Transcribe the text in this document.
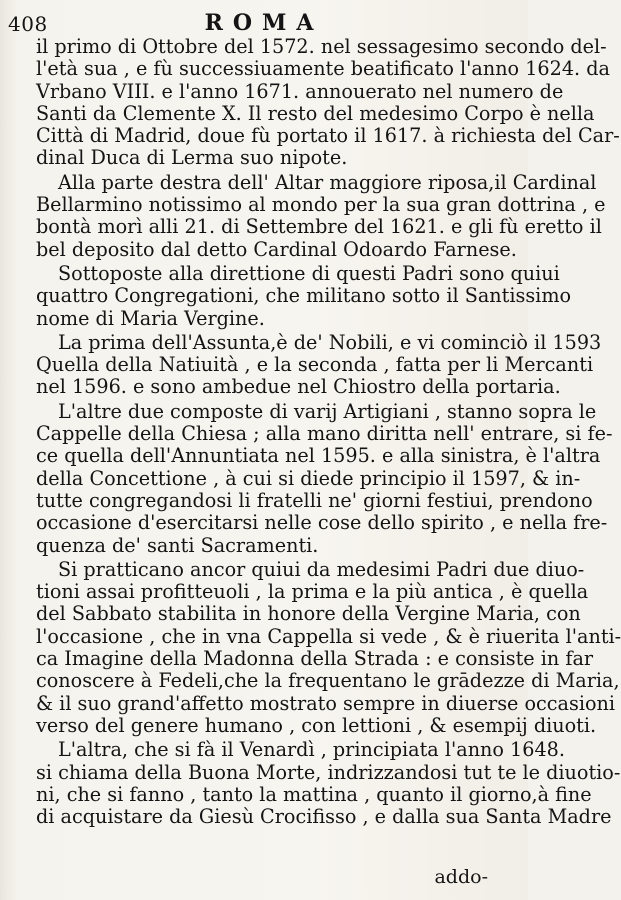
408	ROMA
il primo di Ottobre del 1572. nel sessagesimo secondo del-
l'età sua , e fù successiuamente beatificato l'anno 1624. da
Vrbano VIII. e l'anno 1671. annouerato nel numero de
Santi da Clemente X. Il resto del medesimo Corpo è nella
Città di Madrid, doue fù portato il 1617. à richiesta del Car-
dinal Duca di Lerma suo nipote.
Alla parte destra dell' Altar maggiore riposa,il Cardinal
Bellarmino notissimo al mondo per la sua gran dottrina , e
bontà morì alli 21. di Settembre del 1621. e gli fù eretto il
bel deposito dal detto Cardinal Odoardo Farnese.
Sottoposte alla direttione di questi Padri sono quiui
quattro Congregationi, che militano sotto il Santissimo
nome di Maria Vergine.
La prima dell'Assunta,è de' Nobili, e vi cominciò il 1593
Quella della Natiuità , e la seconda , fatta per li Mercanti
nel 1596. e sono ambedue nel Chiostro della portaria.
L'altre due composte di varij Artigiani , stanno sopra le
Cappelle della Chiesa ; alla mano diritta nell' entrare, si fe-
ce quella dell'Annuntiata nel 1595. e alla sinistra, è l'altra
della Concettione , à cui si diede principio il 1597, & in-
tutte congregandosi li fratelli ne' giorni festiui, prendono
occasione d'esercitarsi nelle cose dello spirito , e nella fre-
quenza de' santi Sacramenti.
Si pratticano ancor quiui da medesimi Padri due diuo-
tioni assai profitteuoli , la prima e la più antica , è quella
del Sabbato stabilita in honore della Vergine Maria, con
l'occasione , che in vna Cappella si vede , & è riuerita l'anti-
ca Imagine della Madonna della Strada : e consiste in far
conoscere à Fedeli,che la frequentano le grādezze di Maria,
& il suo grand'affetto mostrato sempre in diuerse occasioni
verso del genere humano , con lettioni , & esempij diuoti.
L'altra, che si fà il Venardì , principiata l'anno 1648.
si chiama della Buona Morte, indrizzandosi tut te le diuotio-
ni, che si fanno , tanto la mattina , quanto il giorno,à fine
di acquistare da Giesù Crocifisso , e dalla sua Santa Madre
addo-
